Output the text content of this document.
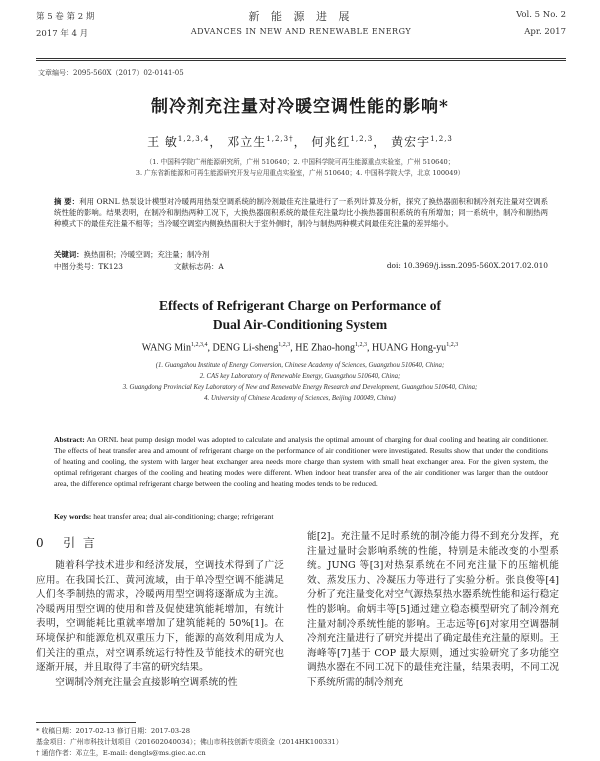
第 5 卷 第 2 期
2017 年 4 月
新 能 源 进 展
ADVANCES IN NEW AND RENEWABLE ENERGY
Vol. 5 No. 2
Apr. 2017
文章编号：2095-560X（2017）02-0141-05
制冷剂充注量对冷暖空调性能的影响*
王 敏$^{1,2,3,4}$， 邓立生$^{1,2,3\dagger}$， 何兆红$^{1,2,3}$， 黄宏宇$^{1,2,3}$
（1. 中国科学院广州能源研究所，广州 510640；2. 中国科学院可再生能源重点实验室，广州 510640；
3. 广东省新能源和可再生能源研究开发与应用重点实验室，广州 510640；4. 中国科学院大学，北京 100049）
摘 要：利用 ORNL 热泵设计模型对冷暖两用热泵空调系统的制冷剂最佳充注量进行了一系列计算及分析，探究了换热器面积和制冷剂充注量对空调系统性能的影响。结果表明，在制冷和制热两种工况下，大换热器面积系统的最佳充注量均比小换热器面积系统的有所增加；同一系统中，制冷和制热两种模式下的最佳充注量不相等；当冷暖空调室内侧换热面积大于室外侧时，制冷与制热两种模式间最佳充注量的差异缩小。
关键词：换热面积；冷暖空调；充注量；制冷剂
中图分类号：TK123	文献标志码：A	doi: 10.3969/j.issn.2095-560X.2017.02.010
Effects of Refrigerant Charge on Performance of
Dual Air-Conditioning System
WANG Min$^{1,2,3,4}$, DENG Li-sheng$^{1,2,3}$, HE Zhao-hong$^{1,2,3}$, HUANG Hong-yu$^{1,2,3}$
(1. Guangzhou Institute of Energy Conversion, Chinese Academy of Sciences, Guangzhou 510640, China;
2. CAS key Laboratory of Renewable Energy, Guangzhou 510640, China;
3. Guangdong Provincial Key Laboratory of New and Renewable Energy Research and Development, Guangzhou 510640, China;
4. University of Chinese Academy of Sciences, Beijing 100049, China)
Abstract: An ORNL heat pump design model was adopted to calculate and analysis the optimal amount of charging for dual cooling and heating air conditioner. The effects of heat transfer area and amount of refrigerant charge on the performance of air conditioner were investigated. Results show that under the conditions of heating and cooling, the system with larger heat exchanger area needs more charge than system with small heat exchanger area. For the given system, the optimal refrigerant charges of the cooling and heating modes were different. When indoor heat transfer area of the air conditioner was larger than the outdoor area, the difference optimal refrigerant charge between the cooling and heating modes tends to be reduced.
Key words: heat transfer area; dual air-conditioning; charge; refrigerant
0 引 言

随着科学技术进步和经济发展，空调技术得到了广泛应用。在我国长江、黄河流域，由于单冷型空调不能满足人们冬季制热的需求，冷暖两用型空调将逐渐成为主流。冷暖两用型空调的使用和普及促使建筑能耗增加，有统计表明，空调能耗比重就率增加了建筑能耗的 50%[1]。在环境保护和能源危机双重压力下，能源的高效利用成为人们关注的重点，对空调系统运行特性及节能技术的研究也逐渐开展，并且取得了丰富的研究结果。

空调制冷剂充注量会直接影响空调系统的性

能[2]。充注量不足时系统的制冷能力得不到充分发挥，充注量过量时会影响系统的性能，特别是未能改变的小型系统。JUNG 等[3]对热泵系统在不同充注量下的压缩机能效、蒸发压力、冷凝压力等进行了实验分析。张良俊等[4]分析了充注量变化对空气源热泵热水器系统性能和运行稳定性的影响。俞炳丰等[5]通过建立稳态模型研究了制冷剂充注量对制冷系统性能的影响。王志远等[6]对家用空调器制冷剂充注量进行了研究并提出了确定最佳充注量的原则。王海峰等[7]基于 COP 最大原则，通过实验研究了多功能空调热水器在不同工况下的最佳充注量，结果表明，不同工况下系统所需的制冷剂充

* 收稿日期：2017-02-13 修订日期：2017-03-28
基金项目：广州市科技计划项目（201602040034）；佛山市科技创新专项资金（2014HK100331）
† 通信作者：邓立生，E-mail: dengls@ms.giec.ac.cn
